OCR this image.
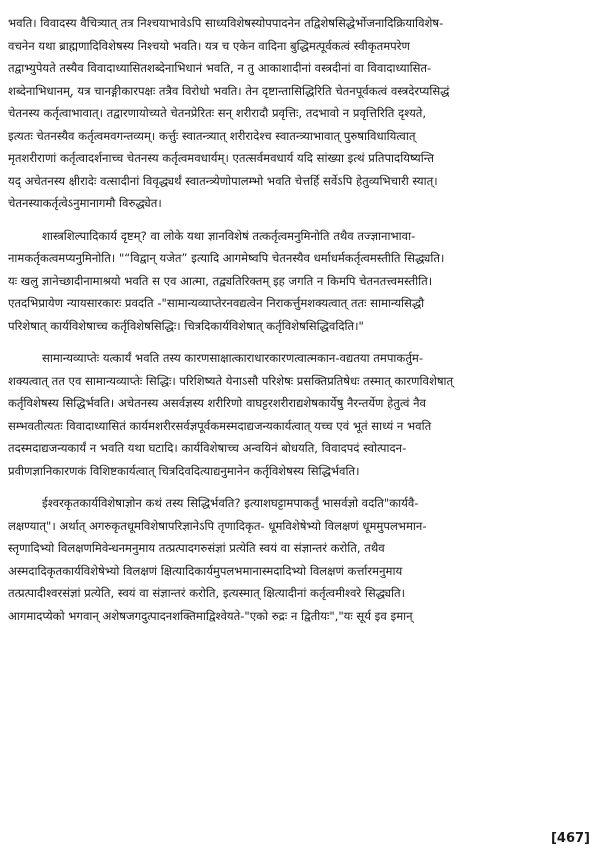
भवति। विवादस्य वैचित्र्यात् तत्र निश्चयाभावेऽपि साध्यविशेषस्योपपादनेन तद्विशेषसिद्धेर्भोजनादिक्रियाविशेष-
वचनेन यथा ब्राह्मणादिविशेषस्य निश्चयो भवति। यत्र च एकेन वादिना बुद्धिमत्पूर्वकत्वं स्वीकृतमपरेण
तद्वाभ्युपेयते तस्यैव विवादाध्यासितशब्देनाभिधानं भवति, न तु आकाशादीनां वस्त्रदीनां वा विवादाध्यासित-
शब्देनाभिधानम्, यत्र चानङ्गीकारपक्षः तत्रैव विरोधो भवति। तेन दृष्टान्तासिद्धिरिति चेतनपूर्वकत्वं वस्त्रदेरप्यसिद्धं
चेतनस्य कर्तृत्वाभावात्। तद्वारणायोच्यते चेतनप्रेरितः सन् शरीरादौ प्रवृत्तिः, तदभावो न प्रवृत्तिरिति दृश्यते,
इत्यतः चेतनस्यैव कर्तृत्वमवगन्तव्यम्। कर्त्तुः स्वातन्त्र्यात् शरीरादेश्च स्वातन्त्र्याभावात् पुरुषाविधायित्वात्
मृतशरीराणां कर्तृत्वादर्शनाच्च चेतनस्य कर्तृत्वमवधार्यम्। एतत्सर्वमवधार्य यदि सांख्या इत्थं प्रतिपादयिष्यन्ति
यद् अचेतनस्य क्षीरादेः वत्सादीनां विवृद्ध्यर्थं स्वातन्त्र्येणोपालम्भो भवति चेत्तर्हि सर्वेऽपि हेतुव्यभिचारी स्यात्।
चेतनस्याकर्तृत्वेऽनुमानागमौ विरुद्ध्येत।

शास्त्रशिल्पादिकार्य दृष्टम्? वा लोके यथा ज्ञानविशेषं तत्कर्तृत्वमनुमिनोति तथैव तज्ज्ञानाभावा-
नामकर्तृकत्वमप्यनुमिनोति। "“विद्वान् यजेत” इत्यादि आगमेष्वपि चेतनस्यैव धर्माधर्मकर्तृत्वमस्तीति सिद्ध्यति।
यः खलु ज्ञानेच्छादीनामाश्रयो भवति स एव आत्मा, तद्व्यतिरिक्तम् इह जगति न किमपि चेतनतत्त्वमस्तीति।
एतदभिप्रायेण न्यायसारकारः प्रवदति -"सामान्यव्याप्तेरनवद्यत्वेन निराकर्त्तुमशक्यत्वात् ततः सामान्यसिद्धौ
परिशेषात् कार्यविशेषाच्च कर्तृविशेषसिद्धिः। चित्रदिकार्यविशेषात् कर्तृविशेषसिद्धिवदिति।"

सामान्यव्याप्तेः यत्कार्यं भवति तस्य कारणसाक्षात्काराधारकारणत्वात्मकान-वद्यतया तमपाकर्तुम-
शक्यत्वात् तत एव सामान्यव्याप्तेः सिद्धिः। परिशिष्यते येनाऽसौ परिशेषः प्रसक्तिप्रतिषेधः तस्मात् कारणविशेषात्
कर्तृविशेषस्य सिद्धिर्भवति। अचेतनस्य असर्वज्ञस्य शरीरिणो वाघट्टरशरीराद्यशेषकार्येषु नैरन्तर्येण हेतुत्वं नैव
सम्भवतीत्यतः विवादाध्यासितं कार्यमशरीरसर्वज्ञपूर्वकमस्मदाद्यजन्यकार्यत्वात् यच्च एवं भूतं साध्यं न भवति
तदस्मदाद्यजन्यकार्यं न भवति यथा घटादि। कार्यविशेषाच्च अन्वयिनं बोधयति, विवादपदं स्वोत्पादन-
प्रवीणज्ञानिकारणकं विशिष्टकार्यत्वात् चित्रदिवदित्याद्यनुमानेन कर्तृविशेषस्य सिद्धिर्भवति।

ईश्वरकृतकार्यविशेषाज्ञोन कथं तस्य सिद्धिर्भवति? इत्याशघट्टामपाकर्तुं भासर्वज्ञो वदति"कार्यवै-
लक्षण्यात्"। अर्थात् अगरुकृतधूमविशेषापरिज्ञानेऽपि तृणादिकृत- धूमविशेषेभ्यो विलक्षणं धूममुपलभमान-
स्तृणादिभ्यो विलक्षणमिवेन्धनमनुमाय तत्प्रत्पादगरुसंज्ञां प्रत्येति स्वयं वा संज्ञान्तरं करोति, तथैव
अस्मदादिकृतकार्यविशेषेभ्यो विलक्षणं क्षित्यादिकार्यमुपलभमानास्मदादिभ्यो विलक्षणं कर्त्तारमनुमाय
तत्प्रत्पादीश्वरसंज्ञां प्रत्येति, स्वयं वा संज्ञान्तरं करोति, इत्यस्मात् क्षित्यादीनां कर्तृत्वमीश्वरे सिद्ध्यति।
आगमादप्येको भगवान् अशेषजगदुत्पादनशक्तिमाद्विश्वेयते-"एको रुद्रः न द्वितीयः","यः सूर्य इव इमान्

[467]
